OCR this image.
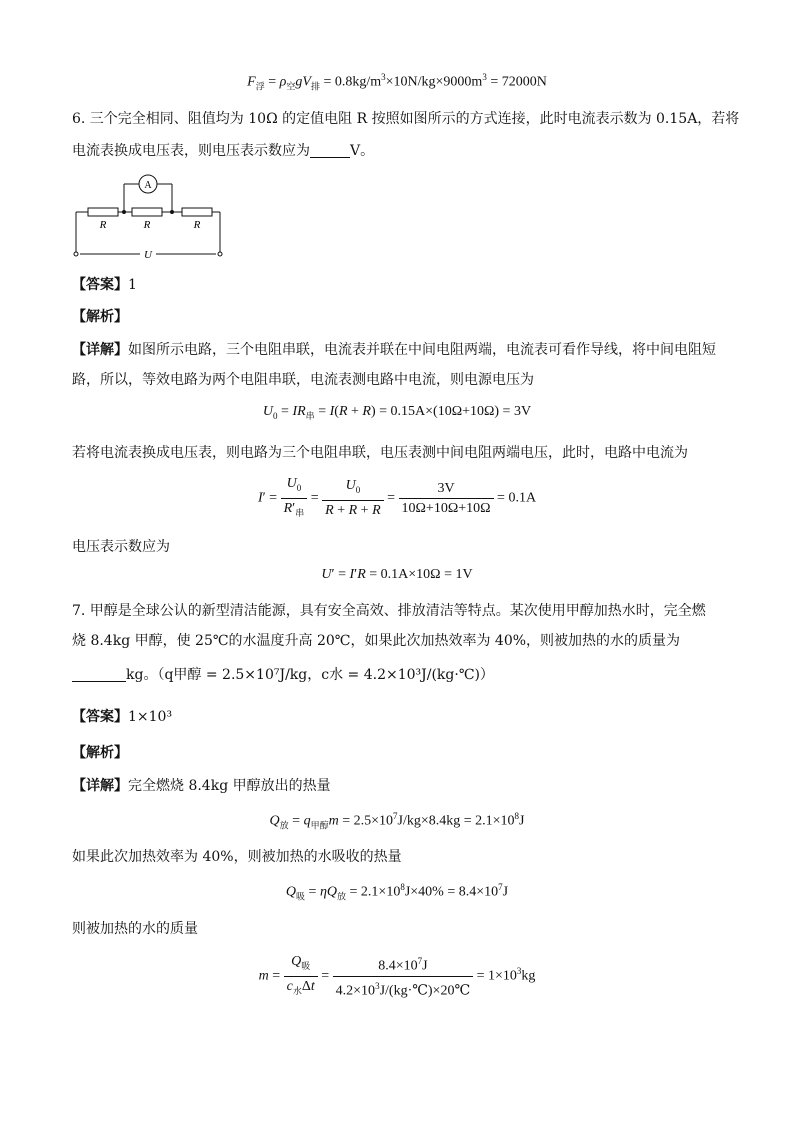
$F_浮 = \rho_空gV_排 = 0.8kg/m^3\times 10N/kg\times 9000m^3 = 72000N$
6. 三个完全相同、阻值均为 10Ω 的定值电阻 R 按照如图所示的方式连接，此时电流表示数为 0.15A，若将
电流表换成电压表，则电压表示数应为	V。
A
R	R	R
U
【答案】1
【解析】
【详解】如图所示电路，三个电阻串联，电流表并联在中间电阻两端，电流表可看作导线，将中间电阻短
路，所以，等效电路为两个电阻串联，电流表测电路中电流，则电源电压为
$U_0 = IR_串 = I(R + R) = 0.15A\times(10\Omega+10\Omega) = 3V$
若将电流表换成电压表，则电路为三个电阻串联，电压表测中间电阻两端电压，此时，电路中电流为
$I' = \frac{U_0}{R'_串} = \frac{U_0}{R + R + R} = \frac{3V}{10\Omega+10\Omega+10\Omega} = 0.1A$
电压表示数应为
U′ = I′R = 0.1A×10Ω = 1V
7. 甲醇是全球公认的新型清洁能源，具有安全高效、排放清洁等特点。某次使用甲醇加热水时，完全燃
烧 8.4kg 甲醇，使 25℃的水温度升高 20℃，如果此次加热效率为 40%，则被加热的水的质量为
kg。（q甲醇 = 2.5×10⁷J/kg，c水 = 4.2×10³J/(kg·℃)）
【答案】1×10³
【解析】
【详解】完全燃烧 8.4kg 甲醇放出的热量
$Q_放 = q_{甲醇}m = 2.5\times 10^7J/kg\times 8.4kg = 2.1\times 10^8J$
如果此次加热效率为 40%，则被加热的水吸收的热量
$Q_吸 = \eta Q_放 = 2.1\times 10^8J\times 40\% = 8.4\times 10^7J$
则被加热的水的质量
$m = \frac{Q_吸}{c_水\Delta t} = \frac{8.4\times 10^7J}{4.2\times 10^3J/(kg\cdot℃)\times 20℃} = 1\times 10^3kg$
